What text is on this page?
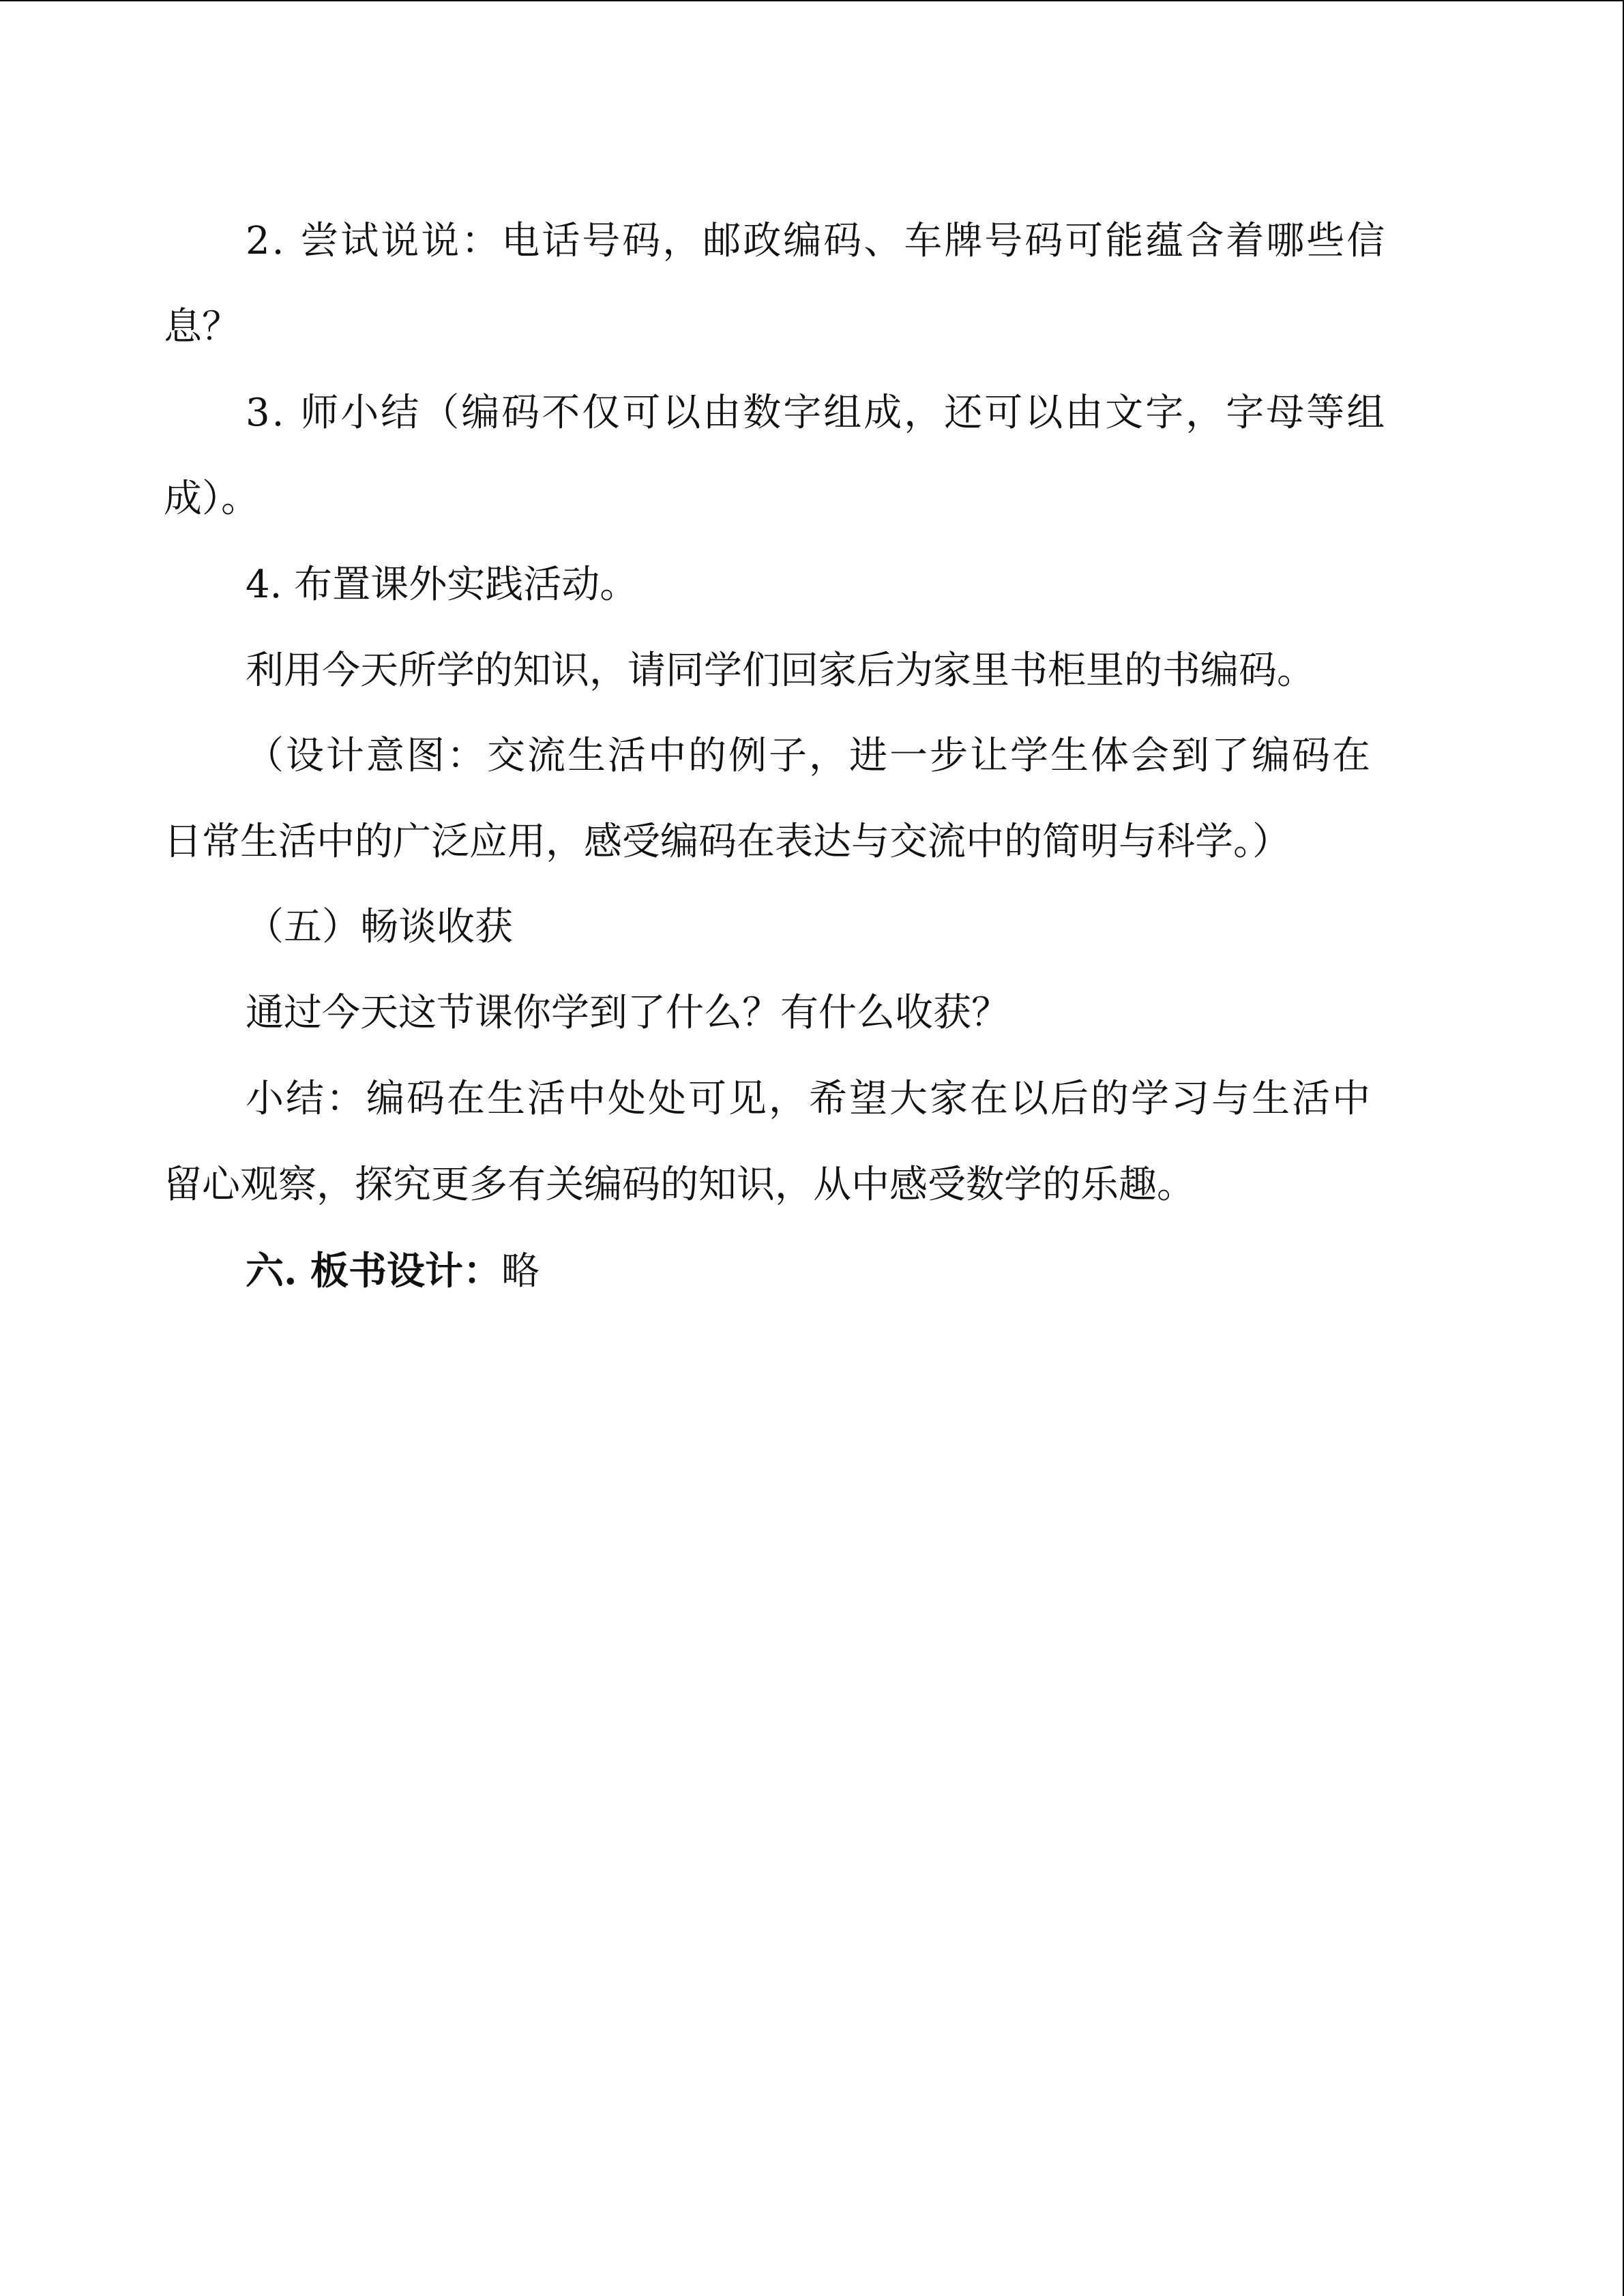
2. 尝试说说：电话号码，邮政编码、车牌号码可能蕴含着哪些信
息？
3. 师小结（编码不仅可以由数字组成，还可以由文字，字母等组
成）。
4. 布置课外实践活动。
利用今天所学的知识，请同学们回家后为家里书柜里的书编码。
（设计意图：交流生活中的例子，进一步让学生体会到了编码在
日常生活中的广泛应用，感受编码在表达与交流中的简明与科学。）
（五）畅谈收获
通过今天这节课你学到了什么？有什么收获？
小结：编码在生活中处处可见，希望大家在以后的学习与生活中
留心观察，探究更多有关编码的知识，从中感受数学的乐趣。
六. 板书设计：略
